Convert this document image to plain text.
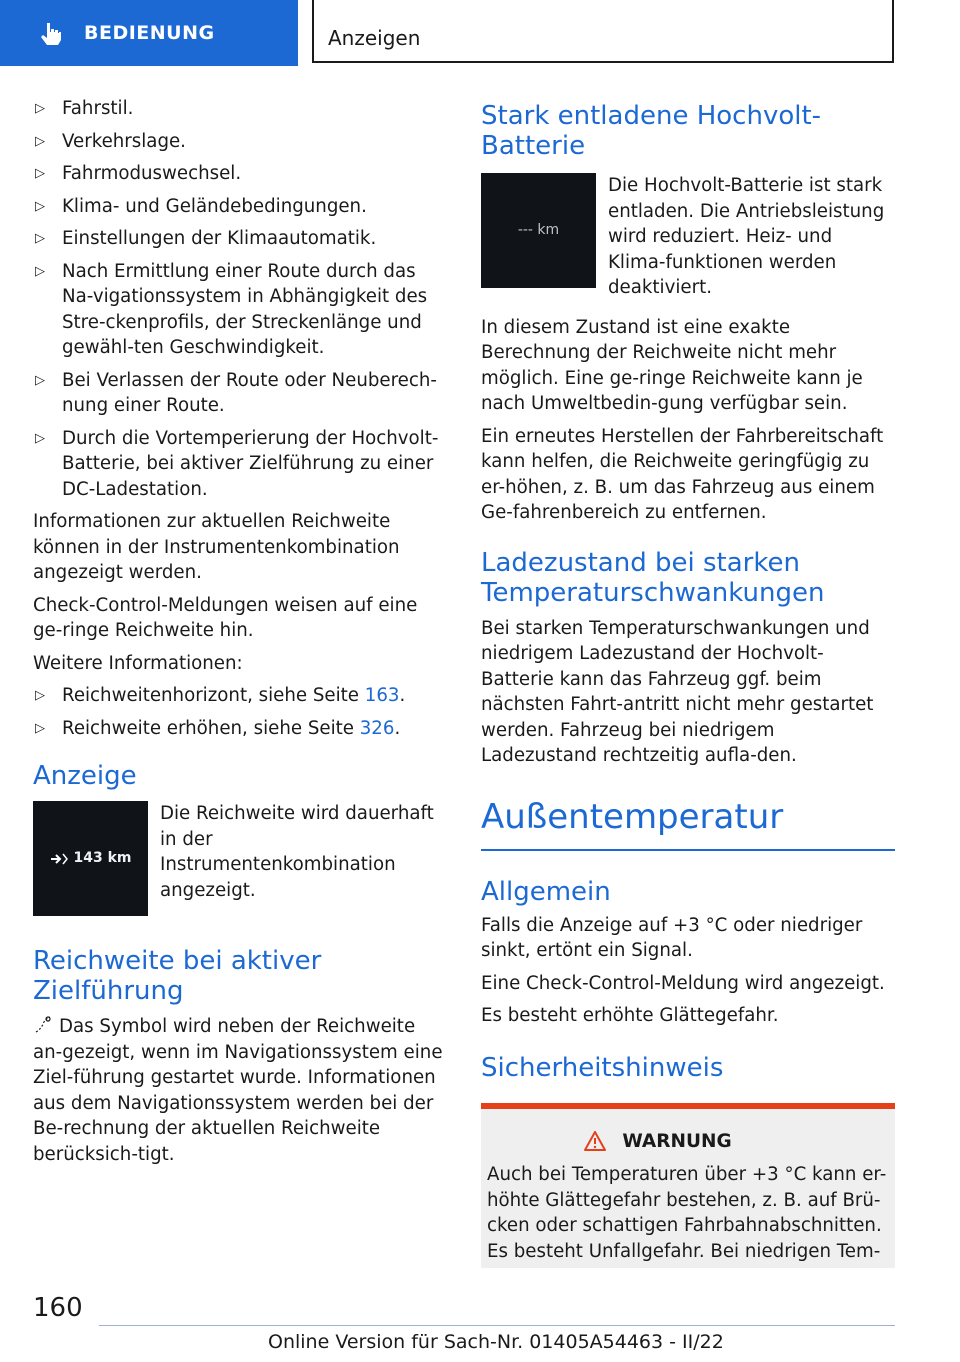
BEDIENUNG	Anzeigen
▷ Fahrstil.
▷ Verkehrslage.
▷ Fahrmoduswechsel.
▷ Klima- und Geländebedingungen.
▷ Einstellungen der Klimaautomatik.
▷ Nach Ermittlung einer Route durch das Na-vigationssystem in Abhängigkeit des Stre-ckenprofils, der Streckenlänge und gewähl-ten Geschwindigkeit.
▷ Bei Verlassen der Route oder Neuberech-nung einer Route.
▷ Durch die Vortemperierung der Hochvolt-Batterie, bei aktiver Zielführung zu einer DC-Ladestation.

Informationen zur aktuellen Reichweite können in der Instrumentenkombination angezeigt werden.

Check-Control-Meldungen weisen auf eine ge-ringe Reichweite hin.

Weitere Informationen:

▷ Reichweitenhorizont, siehe Seite 163.
▷ Reichweite erhöhen, siehe Seite 326.
Anzeige
143 km
Die Reichweite wird dauerhaft in der Instrumentenkombination angezeigt.
Reichweite bei aktiver Zielführung

Das Symbol wird neben der Reichweite an-gezeigt, wenn im Navigationssystem eine Ziel-führung gestartet wurde. Informationen aus dem Navigationssystem werden bei der Be-rechnung der aktuellen Reichweite berücksich-tigt.

Stark entladene Hochvolt-Batterie
--- km
Die Hochvolt-Batterie ist stark entladen. Die Antriebsleistung wird reduziert. Heiz- und Klima-funktionen werden deaktiviert.

In diesem Zustand ist eine exakte Berechnung der Reichweite nicht mehr möglich. Eine ge-ringe Reichweite kann je nach Umweltbedin-gung verfügbar sein.

Ein erneutes Herstellen der Fahrbereitschaft kann helfen, die Reichweite geringfügig zu er-höhen, z. B. um das Fahrzeug aus einem Ge-fahrenbereich zu entfernen.

Ladezustand bei starken Temperaturschwankungen

Bei starken Temperaturschwankungen und niedrigem Ladezustand der Hochvolt-Batterie kann das Fahrzeug ggf. beim nächsten Fahrt-antritt nicht mehr gestartet werden. Fahrzeug bei niedrigem Ladezustand rechtzeitig aufla-den.

Außentemperatur
Allgemein

Falls die Anzeige auf +3 °C oder niedriger sinkt, ertönt ein Signal.

Eine Check-Control-Meldung wird angezeigt.

Es besteht erhöhte Glättegefahr.

Sicherheitshinweis
WARNUNG
Auch bei Temperaturen über +3 °C kann er-höhte Glättegefahr bestehen, z. B. auf Brü-cken oder schattigen Fahrbahnabschnitten. Es besteht Unfallgefahr. Bei niedrigen Tem-
160
Online Version für Sach-Nr. 01405A54463 - II/22
